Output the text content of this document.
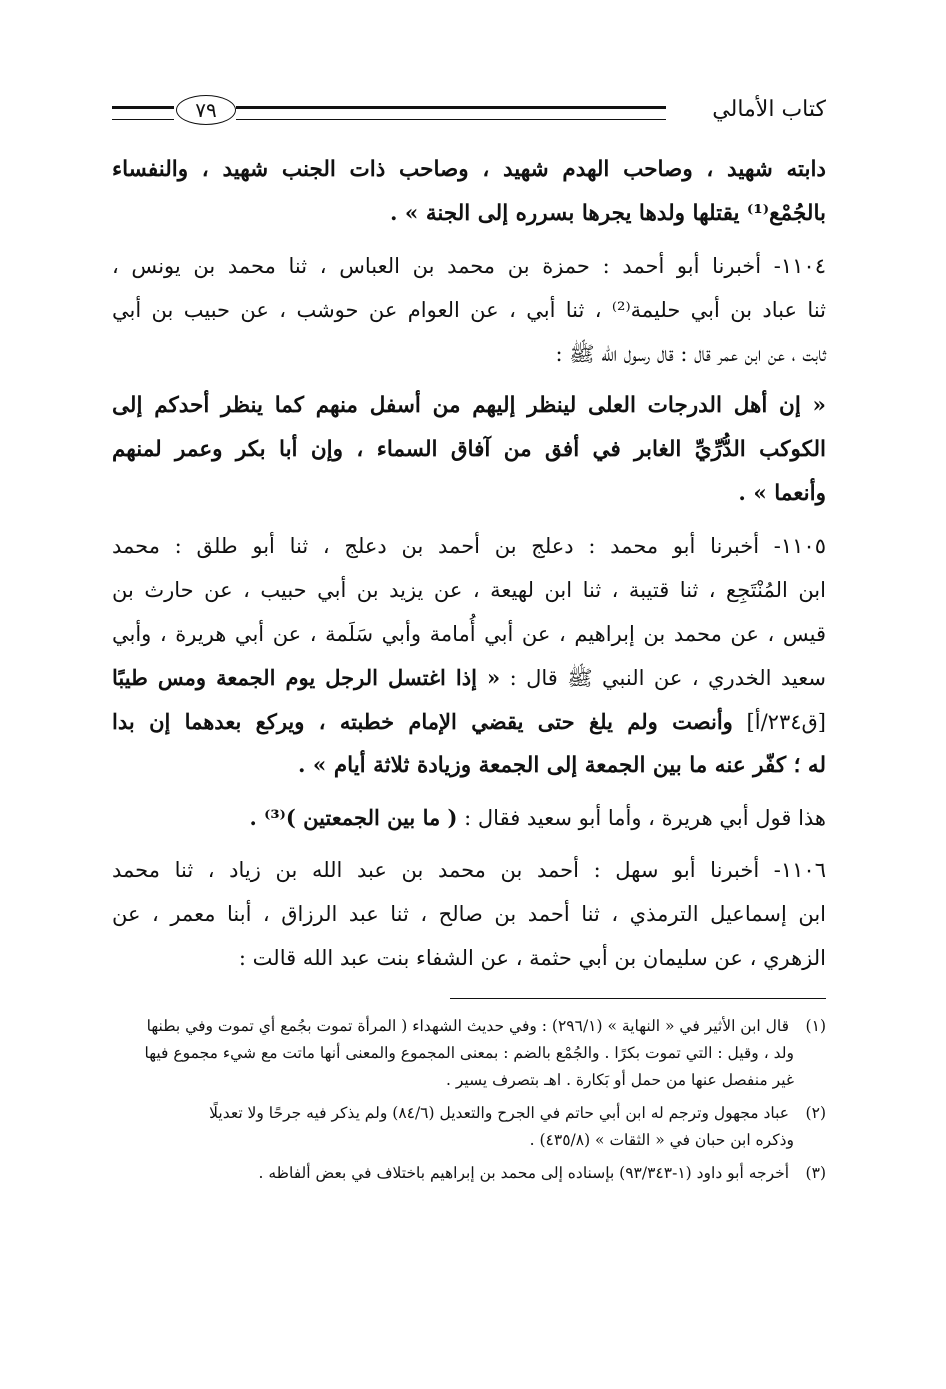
كتاب الأمالي
٧٩
دابته شهيد ، وصاحب الهدم شهيد ، وصاحب ذات الجنب شهيد ، والنفساء
بالجُمْع⁽¹⁾ يقتلها ولدها يجرها بسرره إلى الجنة » .
١١٠٤- أخبرنا أبو أحمد : حمزة بن محمد بن العباس ، ثنا محمد بن يونس ،
ثنا عباد بن أبي حليمة⁽²⁾ ، ثنا أبي ، عن العوام عن حوشب ، عن حبيب بن أبي
ثابت ، عن ابن عمر قال : قال رسول الله ﷺ :
« إن أهل الدرجات العلى لينظر إليهم من أسفل منهم كما ينظر أحدكم إلى
الكوكب الدُّرِّيِّ الغابر في أفق من آفاق السماء ، وإن أبا بكر وعمر لمنهم
وأنعما » .
١١٠٥- أخبرنا أبو محمد : دعلج بن أحمد بن دعلج ، ثنا أبو طلق : محمد
ابن المُنْتَجِع ، ثنا قتيبة ، ثنا ابن لهيعة ، عن يزيد بن أبي حبيب ، عن حارث بن
قيس ، عن محمد بن إبراهيم ، عن أبي أُمامة وأبي سَلَمة ، عن أبي هريرة ، وأبي
سعيد الخدري ، عن النبي ﷺ قال : « إذا اغتسل الرجل يوم الجمعة ومس طيبًا
[ق٢٣٤/أ] وأنصت ولم يلغ حتى يقضي الإمام خطبته ، ويركع بعدهما إن بدا
له ؛ كفّر عنه ما بين الجمعة إلى الجمعة وزيادة ثلاثة أيام » .
هذا قول أبي هريرة ، وأما أبو سعيد فقال : ( ما بين الجمعتين )⁽³⁾ .
١١٠٦- أخبرنا أبو سهل : أحمد بن محمد بن عبد الله بن زياد ، ثنا محمد
ابن إسماعيل الترمذي ، ثنا أحمد بن صالح ، ثنا عبد الرزاق ، أبنا معمر ، عن
الزهري ، عن سليمان بن أبي حثمة ، عن الشفاء بنت عبد الله قالت :
(١) قال ابن الأثير في « النهاية » (٢٩٦/١) : وفي حديث الشهداء ( المرأة تموت بجُمع أي تموت وفي بطنها
ولد ، وقيل : التي تموت بكرًا . والجُمْع بالضم : بمعنى المجموع والمعنى أنها ماتت مع شيء مجموع فيها
غير منفصل عنها من حمل أو بَكارة . اهـ بتصرف يسير .
(٢) عباد مجهول وترجم له ابن أبي حاتم في الجرح والتعديل (٨٤/٦) ولم يذكر فيه جرحًا ولا تعديلًا
وذكره ابن حبان في « الثقات » (٤٣٥/٨) .
(٣) أخرجه أبو داود (١-٩٣/٣٤٣) بإسناده إلى محمد بن إبراهيم باختلاف في بعض ألفاظه .
